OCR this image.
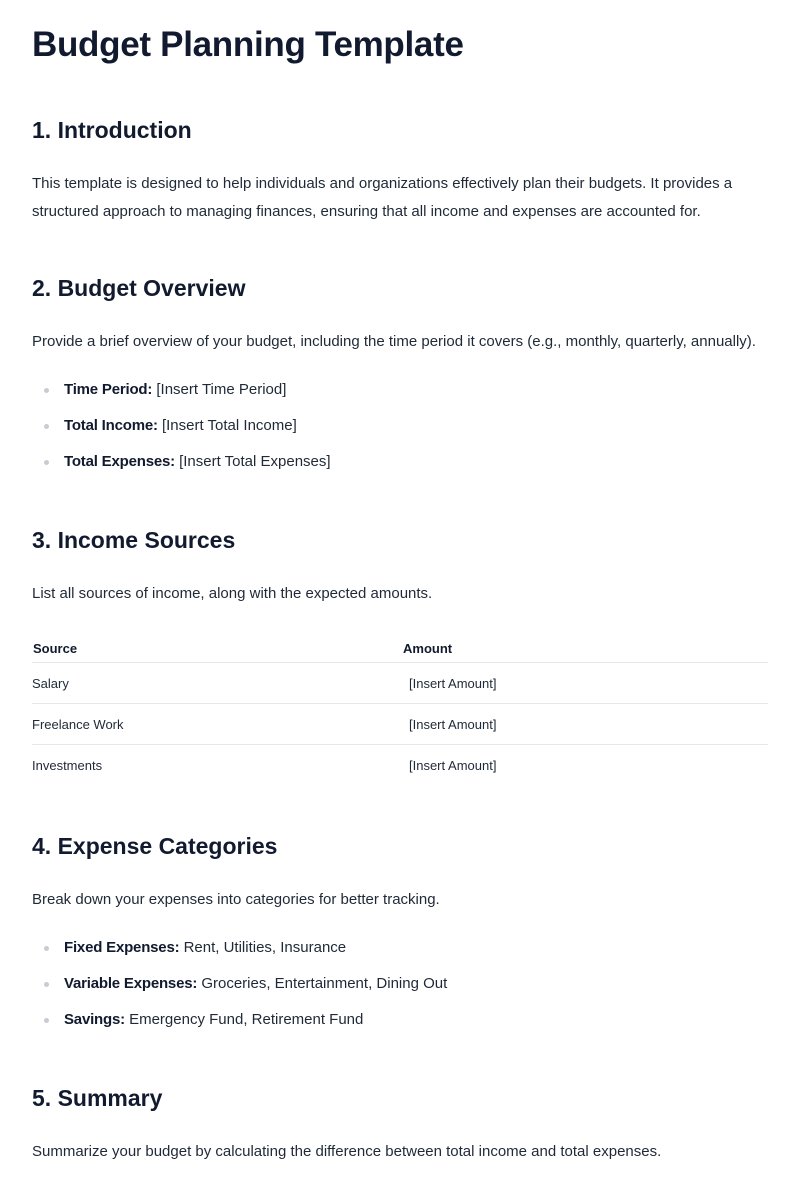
Budget Planning Template
1. Introduction

This template is designed to help individuals and organizations effectively plan their budgets. It provides a structured approach to managing finances, ensuring that all income and expenses are accounted for.

2. Budget Overview

Provide a brief overview of your budget, including the time period it covers (e.g., monthly, quarterly, annually).

Time Period: [Insert Time Period]
Total Income: [Insert Total Income]
Total Expenses: [Insert Total Expenses]
3. Income Sources

List all sources of income, along with the expected amounts.

Source	Amount
Salary	[Insert Amount]
Freelance Work	[Insert Amount]
Investments	[Insert Amount]
4. Expense Categories

Break down your expenses into categories for better tracking.

Fixed Expenses: Rent, Utilities, Insurance
Variable Expenses: Groceries, Entertainment, Dining Out
Savings: Emergency Fund, Retirement Fund
5. Summary

Summarize your budget by calculating the difference between total income and total expenses.
